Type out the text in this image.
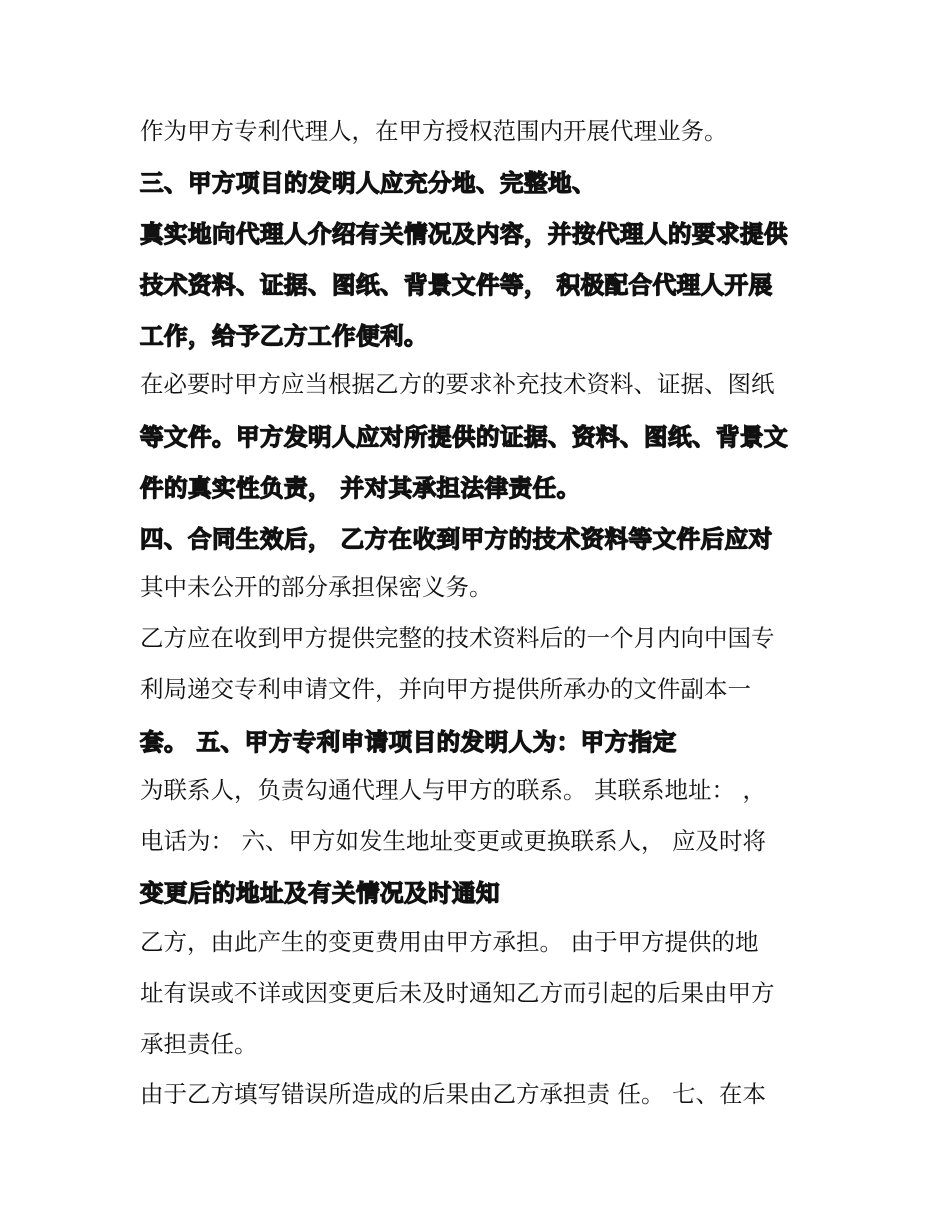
作为甲方专利代理人，在甲方授权范围内开展代理业务。
三、甲方项目的发明人应充分地、完整地、
真实地向代理人介绍有关情况及内容，并按代理人的要求提供
技术资料、证据、图纸、背景文件等， 积极配合代理人开展
工作，给予乙方工作便利。
在必要时甲方应当根据乙方的要求补充技术资料、证据、图纸
等文件。甲方发明人应对所提供的证据、资料、图纸、背景文
件的真实性负责， 并对其承担法律责任。
四、合同生效后， 乙方在收到甲方的技术资料等文件后应对
其中未公开的部分承担保密义务。
乙方应在收到甲方提供完整的技术资料后的一个月内向中国专
利局递交专利申请文件，并向甲方提供所承办的文件副本一
套。 五、甲方专利申请项目的发明人为：甲方指定
为联系人，负责勾通代理人与甲方的联系。 其联系地址： ，
电话为： 六、甲方如发生地址变更或更换联系人， 应及时将
变更后的地址及有关情况及时通知
乙方，由此产生的变更费用由甲方承担。 由于甲方提供的地
址有误或不详或因变更后未及时通知乙方而引起的后果由甲方
承担责任。
由于乙方填写错误所造成的后果由乙方承担责 任。 七、在本
